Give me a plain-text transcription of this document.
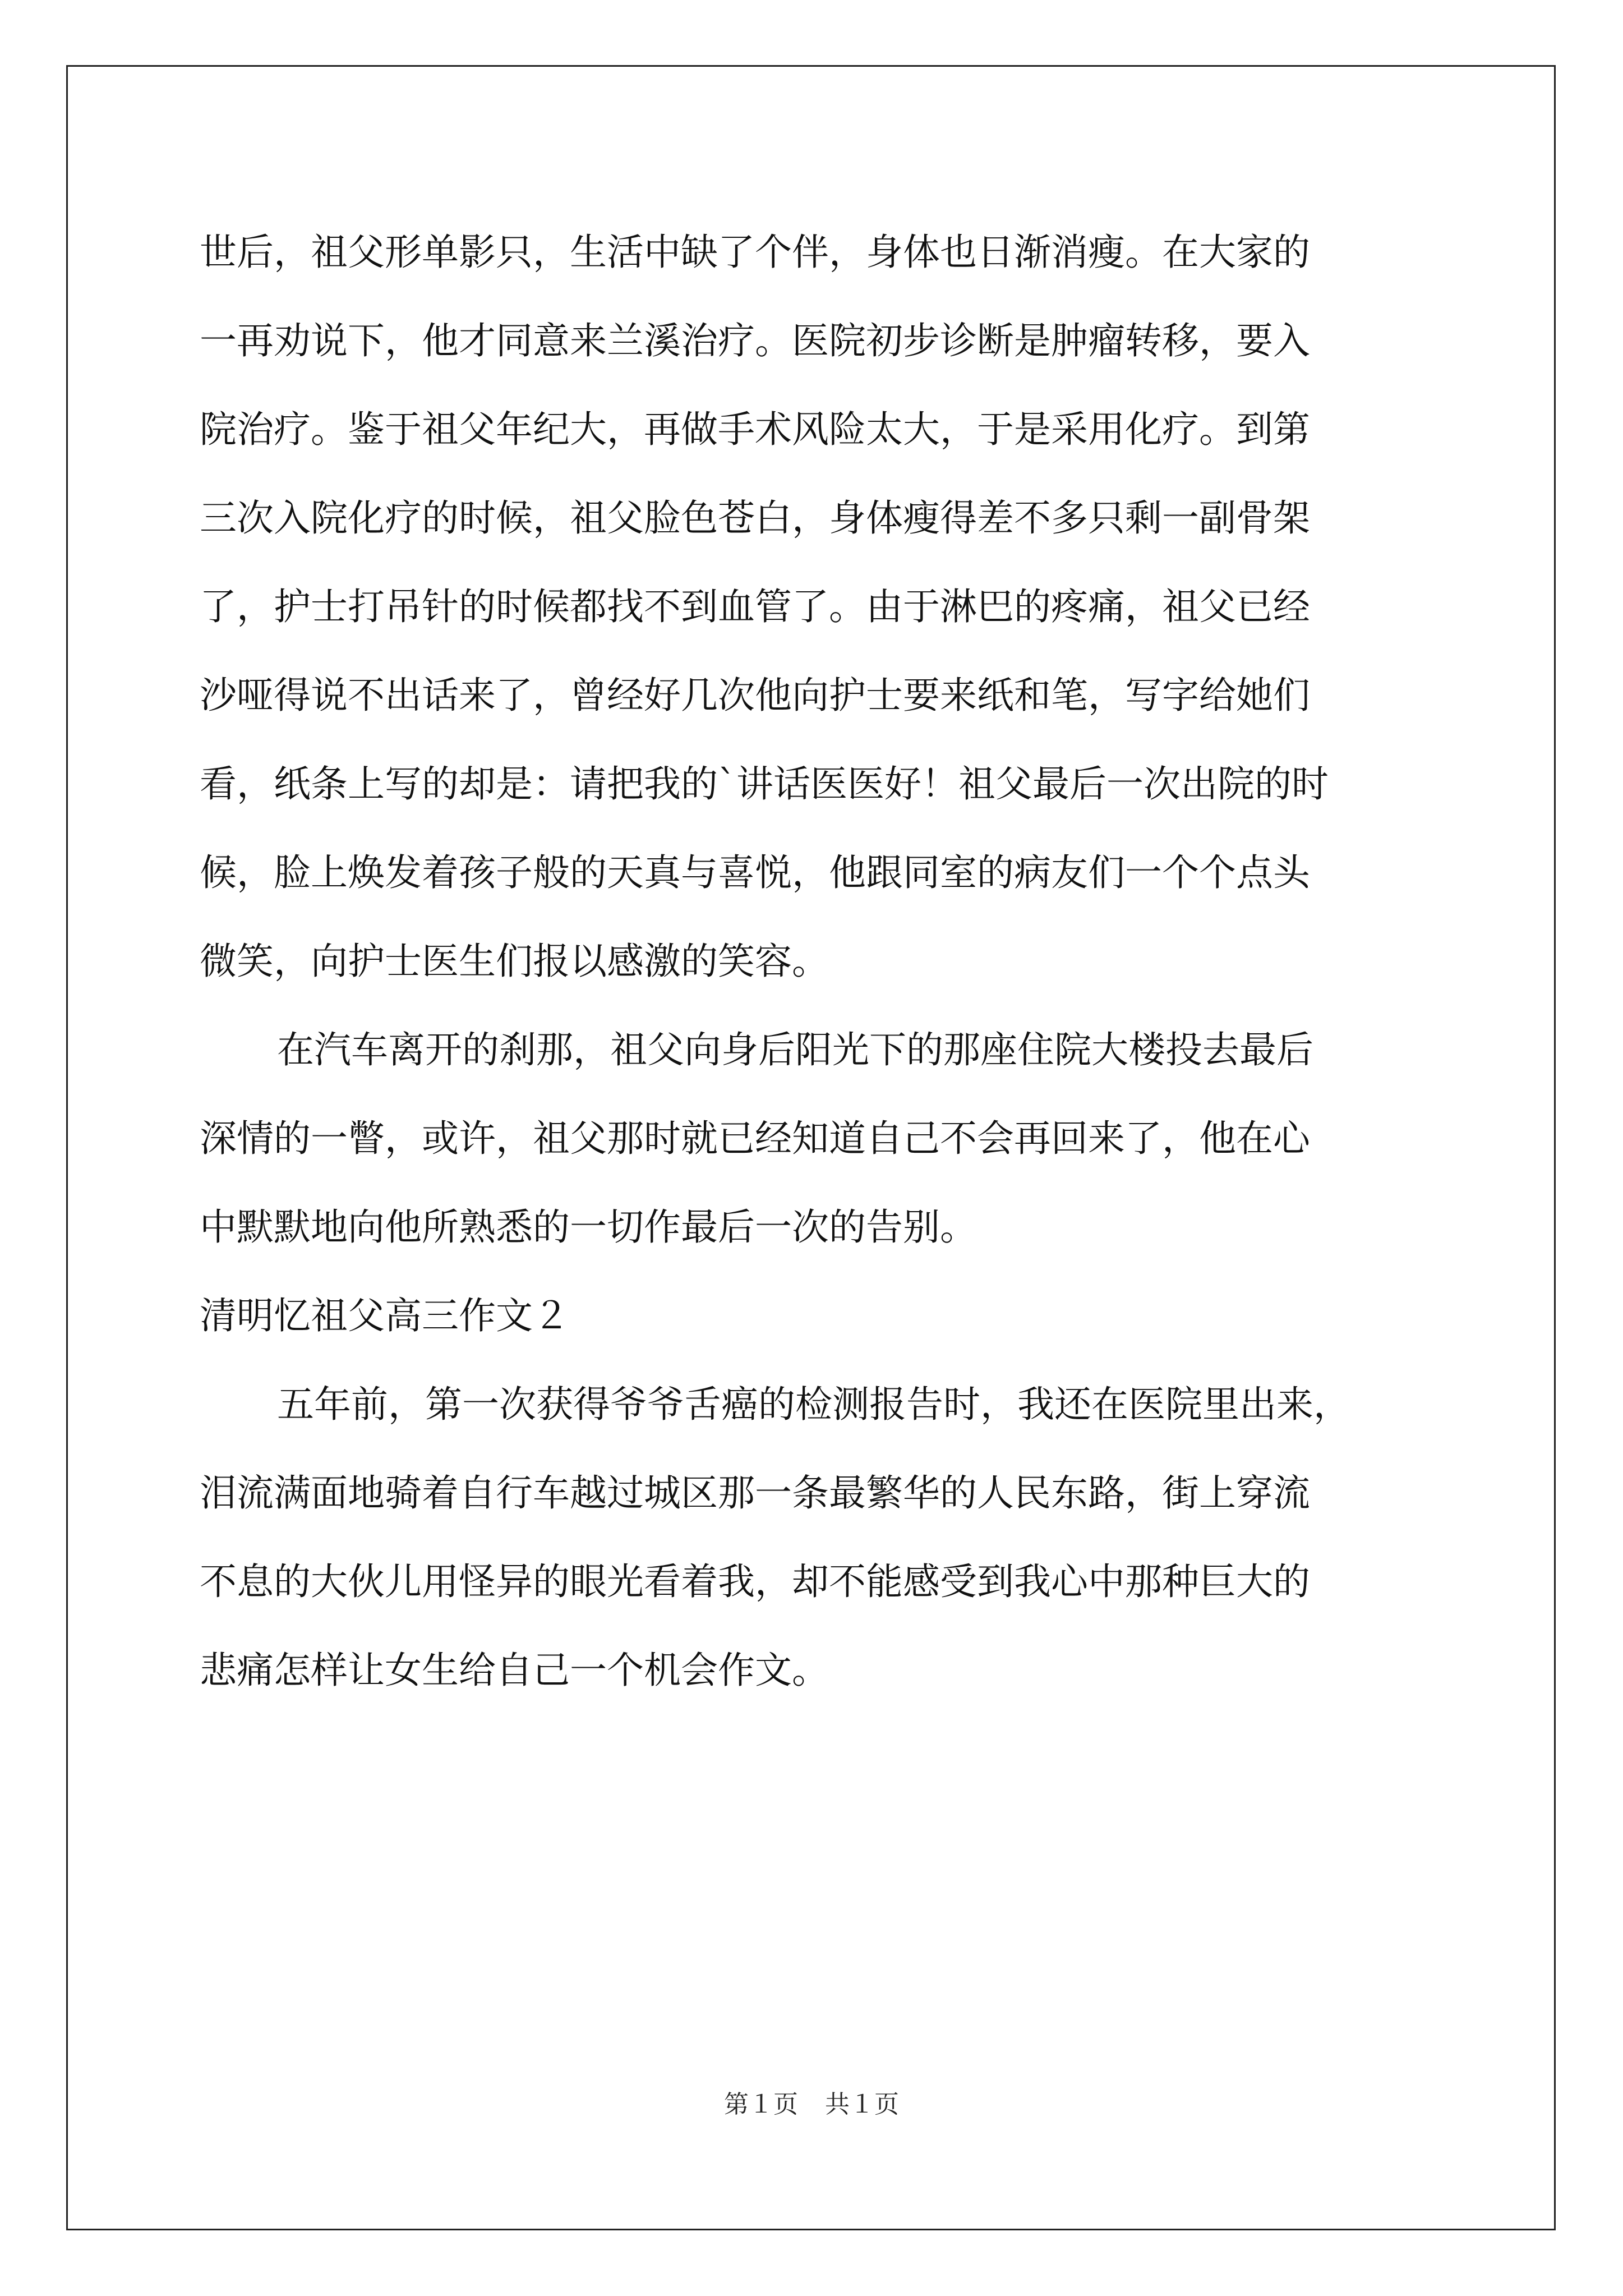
世后，祖父形单影只，生活中缺了个伴，身体也日渐消瘦。在大家的
一再劝说下，他才同意来兰溪治疗。医院初步诊断是肿瘤转移，要入
院治疗。鉴于祖父年纪大，再做手术风险太大，于是采用化疗。到第
三次入院化疗的时候，祖父脸色苍白，身体瘦得差不多只剩一副骨架
了，护士打吊针的时候都找不到血管了。由于淋巴的疼痛，祖父已经
沙哑得说不出话来了，曾经好几次他向护士要来纸和笔，写字给她们
看，纸条上写的却是：请把我的`讲话医医好！祖父最后一次出院的时
候，脸上焕发着孩子般的天真与喜悦，他跟同室的病友们一个个点头
微笑，向护士医生们报以感激的笑容。
在汽车离开的刹那，祖父向身后阳光下的那座住院大楼投去最后
深情的一瞥，或许，祖父那时就已经知道自己不会再回来了，他在心
中默默地向他所熟悉的一切作最后一次的告别。
清明忆祖父高三作文２
五年前，第一次获得爷爷舌癌的检测报告时，我还在医院里出来，
泪流满面地骑着自行车越过城区那一条最繁华的人民东路，街上穿流
不息的大伙儿用怪异的眼光看着我，却不能感受到我心中那种巨大的
悲痛怎样让女生给自己一个机会作文。
第１页 共１页
